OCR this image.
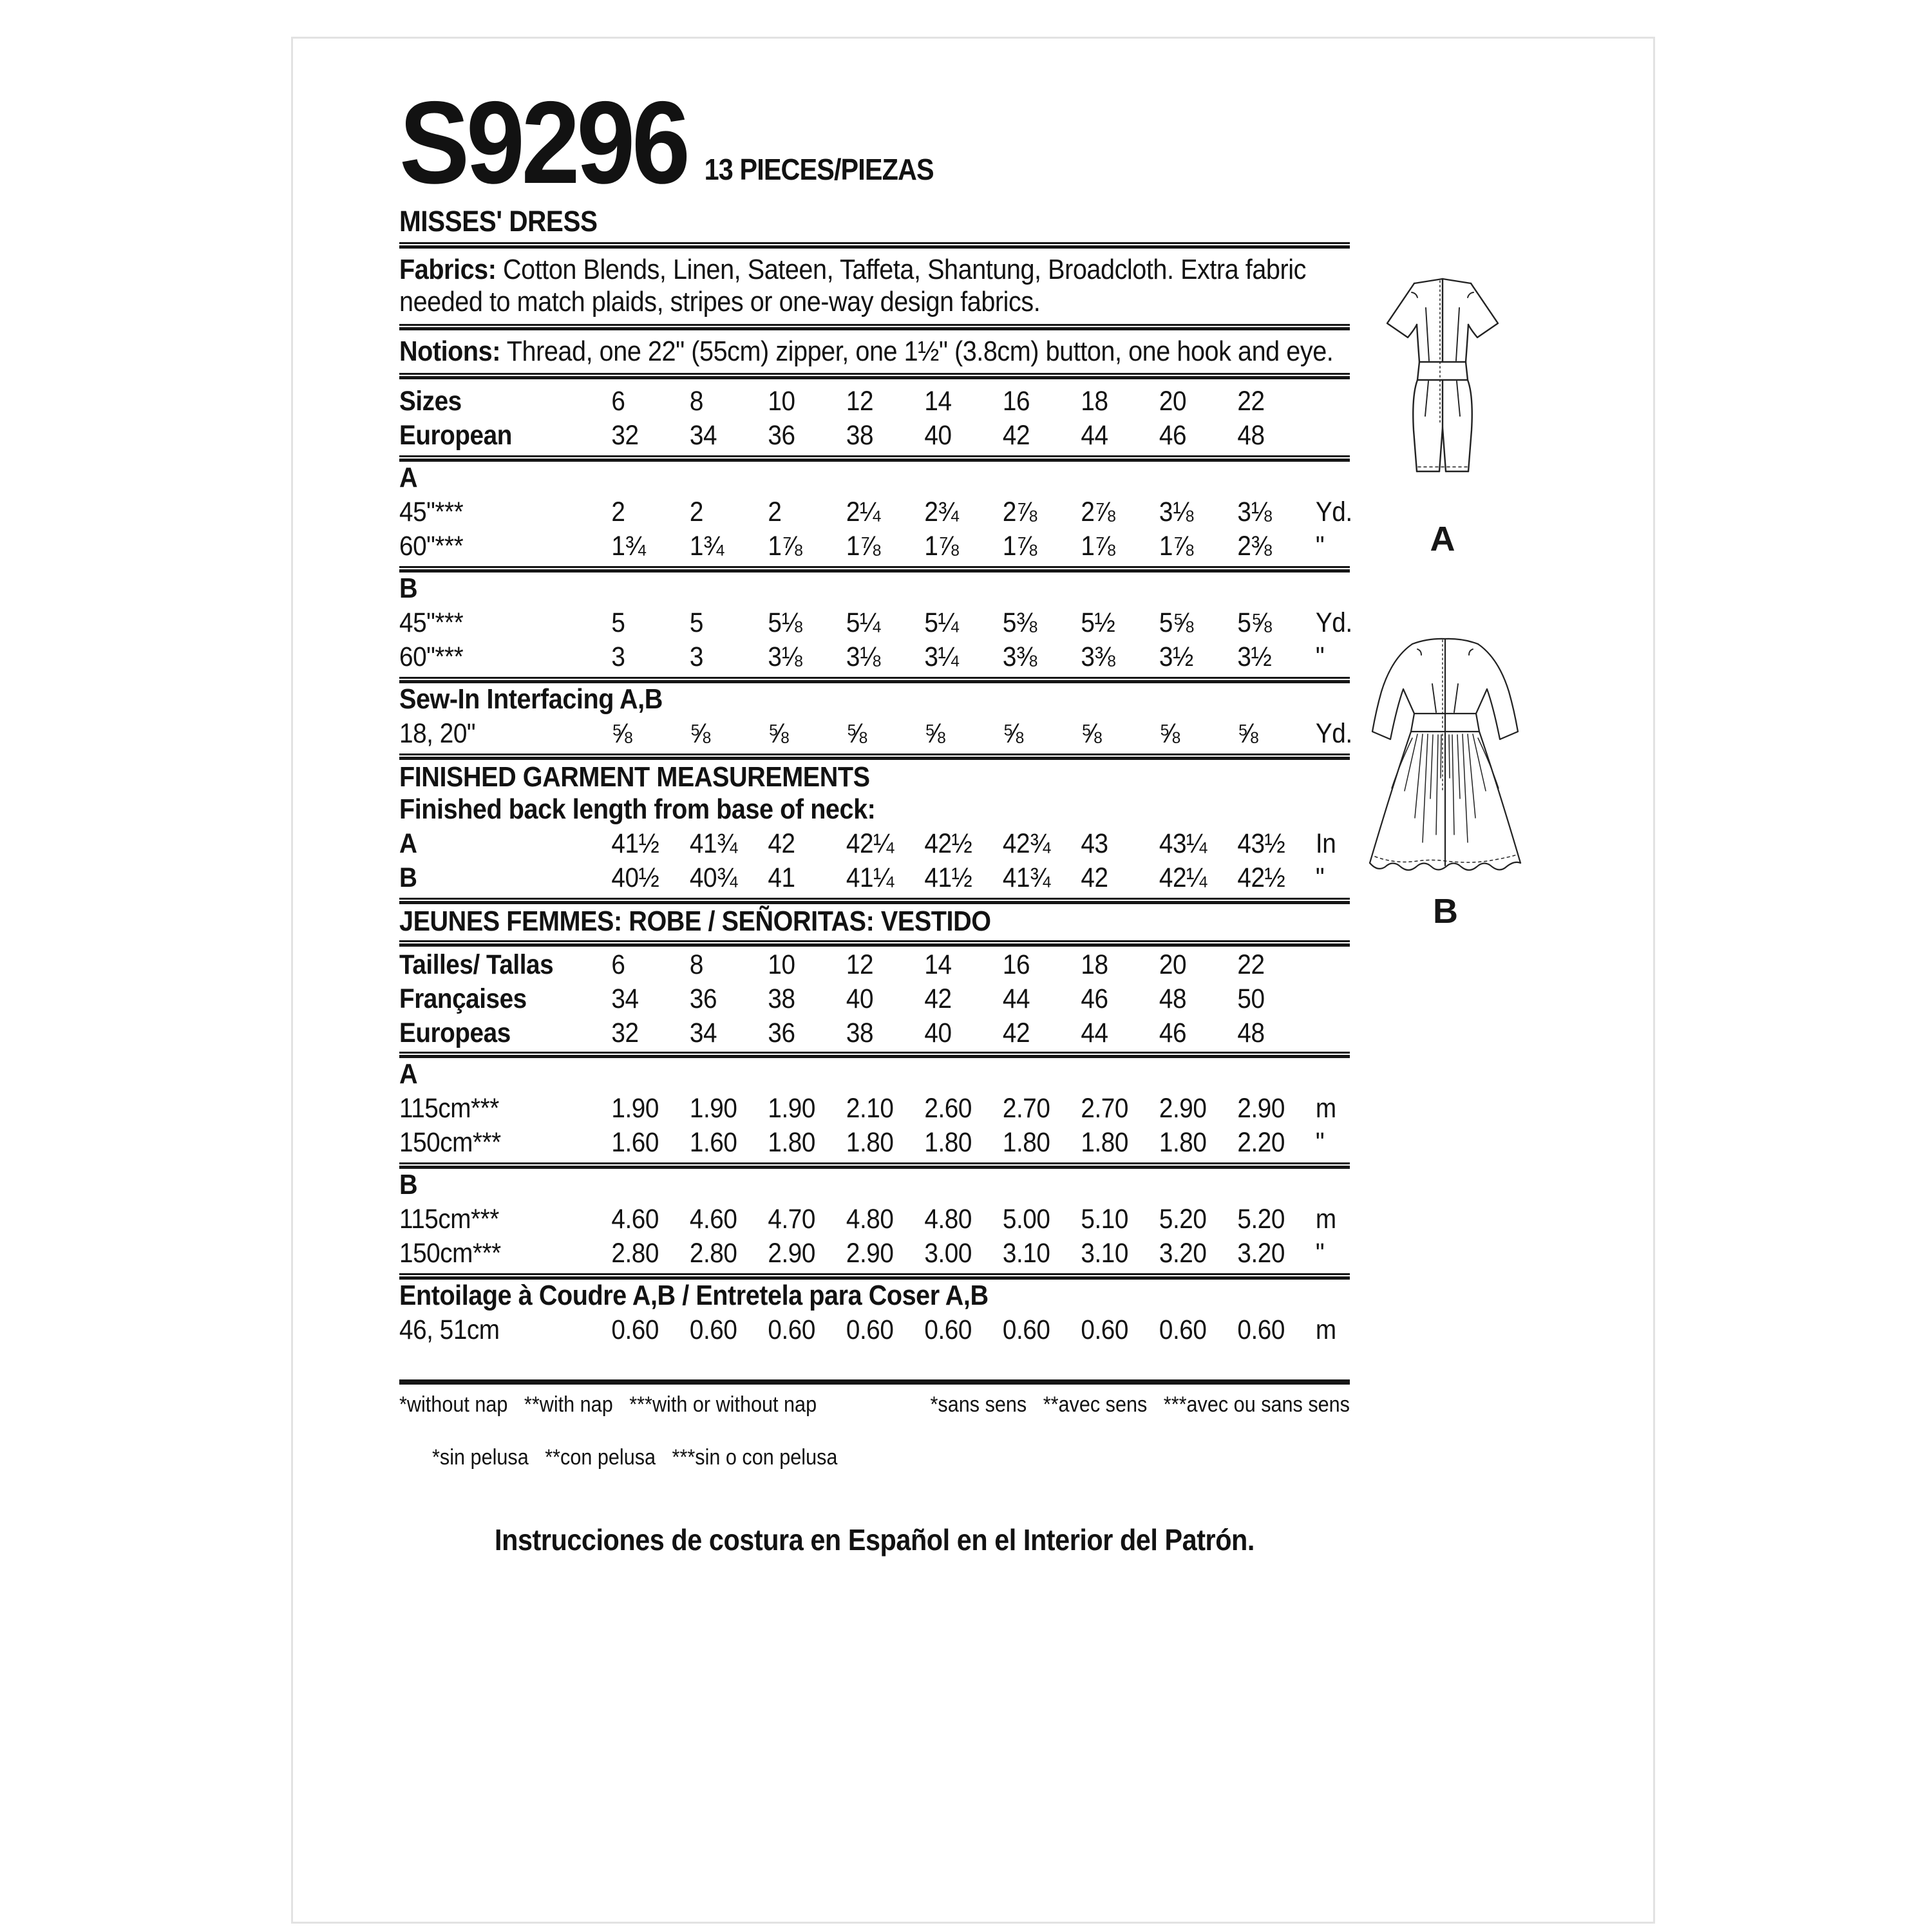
S9296 13 PIECES/PIEZAS
MISSES' DRESS
Fabrics: Cotton Blends, Linen, Sateen, Taffeta, Shantung, Broadcloth. Extra fabric needed to match plaids, stripes or one-way design fabrics.
Notions: Thread, one 22" (55cm) zipper, one 1½" (3.8cm) button, one hook and eye.
Sizes	6	8	10	12	14	16	18	20	22
European	32	34	36	38	40	42	44	46	48
A
45"***	2	2	2	2¼	2¾	2⅞	2⅞	3⅛	3⅛	Yd.
60"***	1¾	1¾	1⅞	1⅞	1⅞	1⅞	1⅞	1⅞	2⅜	"
B
45"***	5	5	5⅛	5¼	5¼	5⅜	5½	5⅝	5⅝	Yd.
60"***	3	3	3⅛	3⅛	3¼	3⅜	3⅜	3½	3½	"
Sew-In Interfacing A,B
18, 20"	⅝	⅝	⅝	⅝	⅝	⅝	⅝	⅝	⅝	Yd.
FINISHED GARMENT MEASUREMENTS
Finished back length from base of neck:
A	41½	41¾	42	42¼	42½	42¾	43	43¼	43½	In
B	40½	40¾	41	41¼	41½	41¾	42	42¼	42½	"
JEUNES FEMMES: ROBE / SEÑORITAS: VESTIDO
Tailles/ Tallas	6	8	10	12	14	16	18	20	22
Françaises	34	36	38	40	42	44	46	48	50
Europeas	32	34	36	38	40	42	44	46	48
A
115cm***	1.90	1.90	1.90	2.10	2.60	2.70	2.70	2.90	2.90	m
150cm***	1.60	1.60	1.80	1.80	1.80	1.80	1.80	1.80	2.20	"
B
115cm***	4.60	4.60	4.70	4.80	4.80	5.00	5.10	5.20	5.20	m
150cm***	2.80	2.80	2.90	2.90	3.00	3.10	3.10	3.20	3.20	"
Entoilage à Coudre A,B / Entretela para Coser A,B
46, 51cm	0.60	0.60	0.60	0.60	0.60	0.60	0.60	0.60	0.60	m
*without nap   **with nap   ***with or without nap	*sans sens   **avec sens   ***avec ou sans sens

*sin pelusa   **con pelusa   ***sin o con pelusa

Instrucciones de costura en Español en el Interior del Patrón.
A
B
